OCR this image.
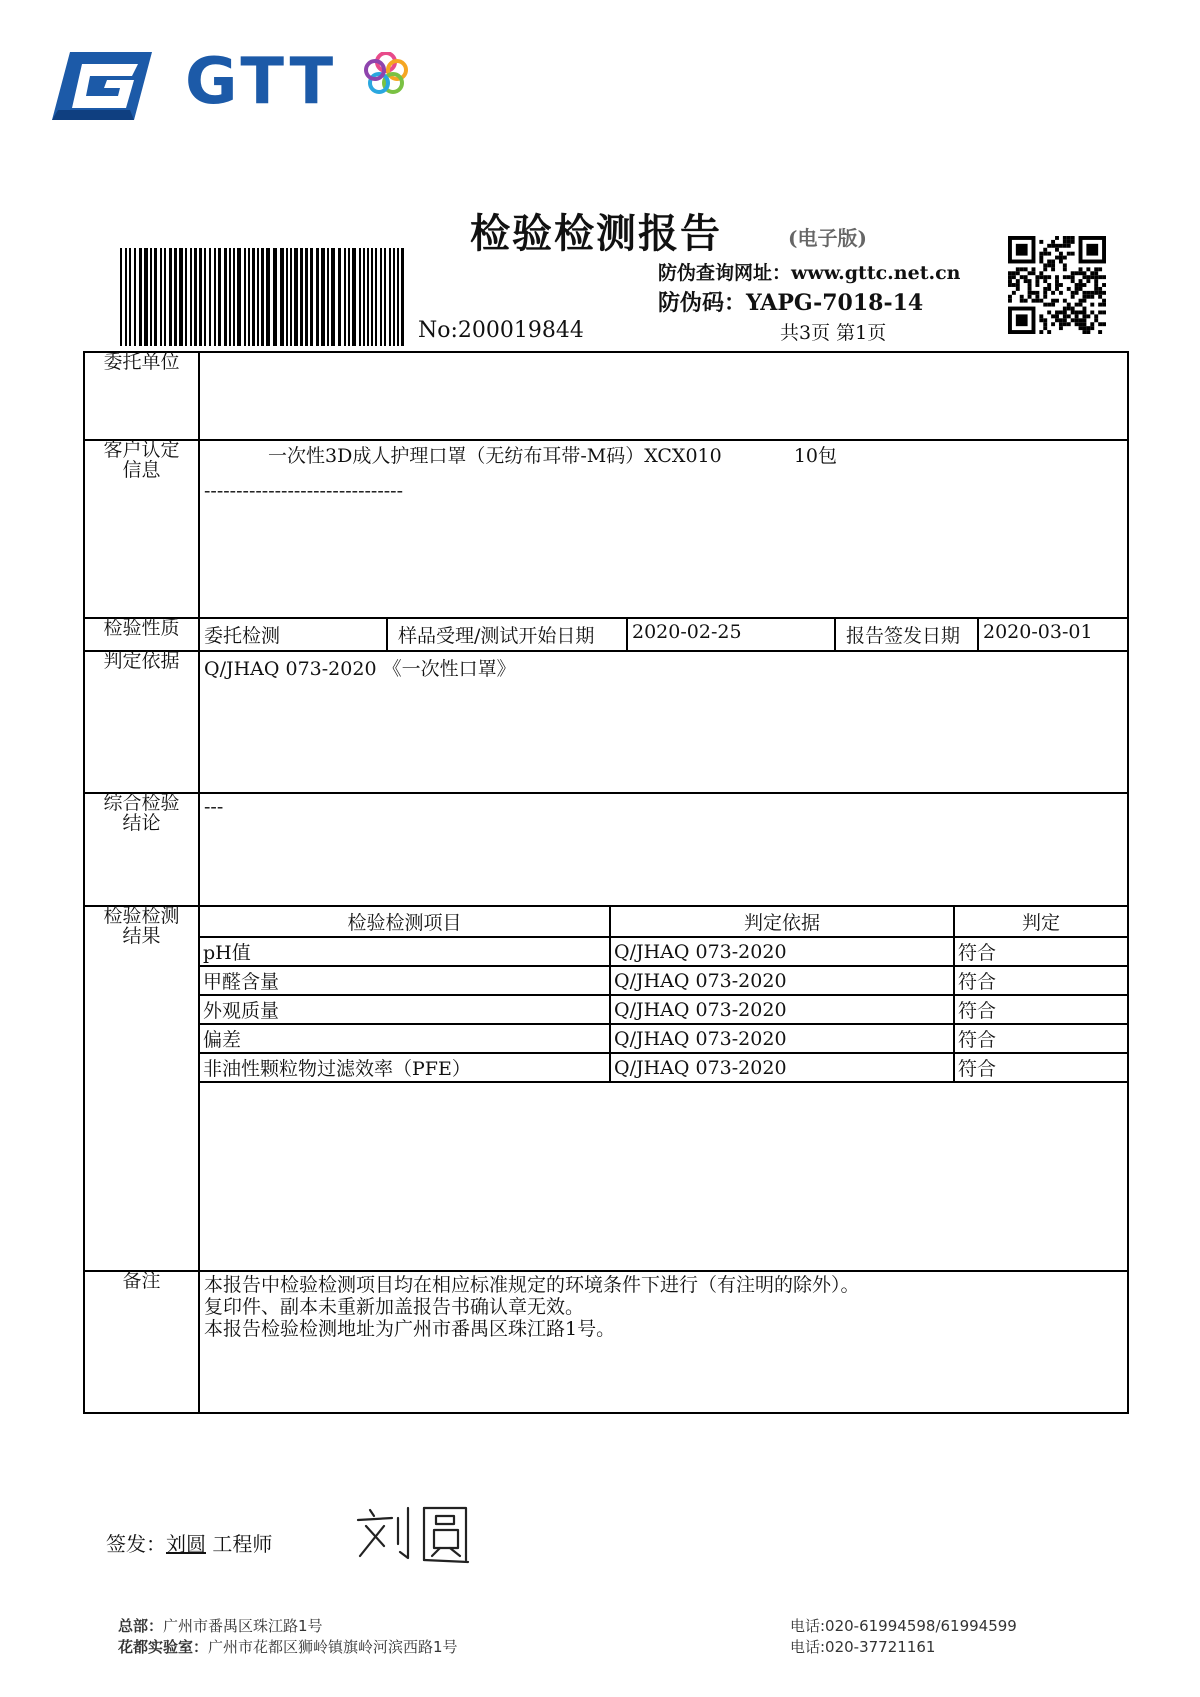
GTT
检验检测报告	(电子版)
防伪查询网址：www.gttc.net.cn
防伪码：YAPG-7018-14
共3页 第1页
No:200019844
委托单位	

客户认定
信息

一次性3D成人护理口罩（无纺布耳带-M码）XCX010	10包
-------------------------------

检验性质	委托检测	样品受理/测试开始日期	2020-02-25	报告签发日期	2020-03-01

判定依据	Q/JHAQ 073-2020 《一次性口罩》

综合检验
结论

---

检验检测
结果

检验检测项目	判定依据	判定
pH值	Q/JHAQ 073-2020	符合
甲醛含量	Q/JHAQ 073-2020	符合
外观质量	Q/JHAQ 073-2020	符合
偏差	Q/JHAQ 073-2020	符合
非油性颗粒物过滤效率（PFE）	Q/JHAQ 073-2020	符合

备注	本报告中检验检测项目均在相应标准规定的环境条件下进行（有注明的除外）。
复印件、副本未重新加盖报告书确认章无效。
本报告检验检测地址为广州市番禺区珠江路1号。
签发：刘圆 工程师
总部：广州市番禺区珠江路1号
花都实验室：广州市花都区狮岭镇旗岭河滨西路1号
电话:020-61994598/61994599
电话:020-37721161
